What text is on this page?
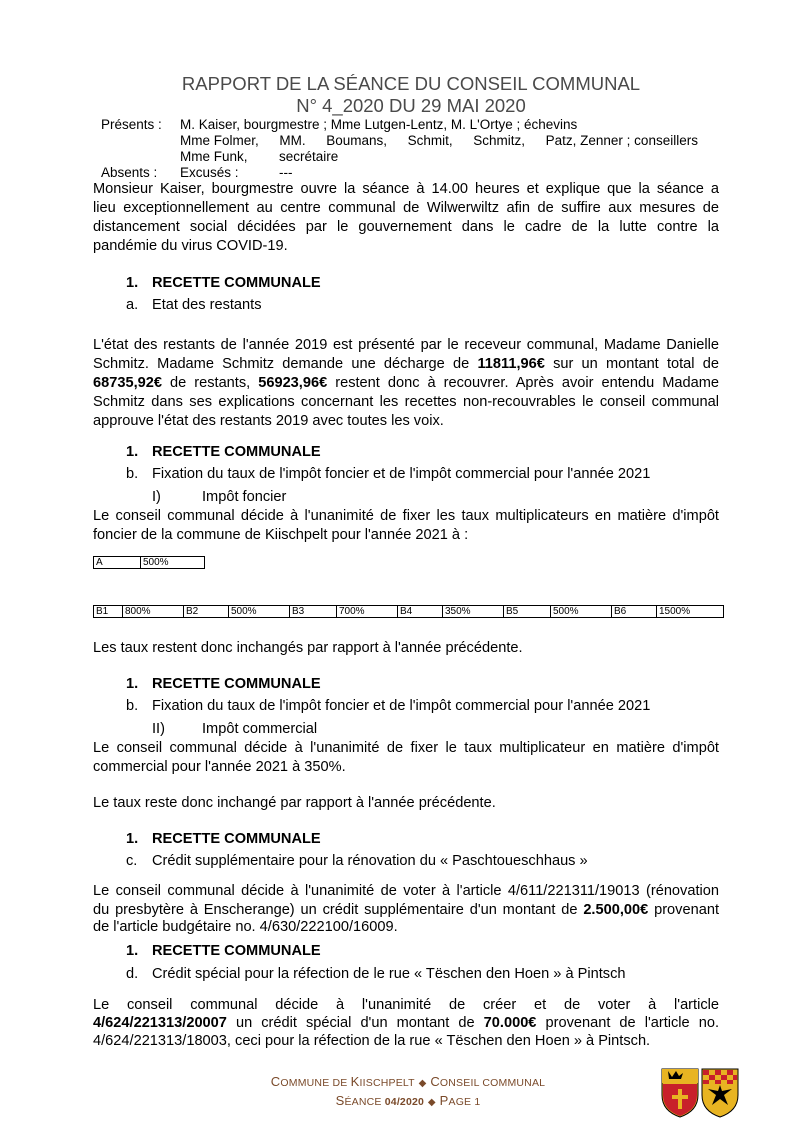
RAPPORT DE LA SÉANCE DU CONSEIL COMMUNAL
N° 4_2020 DU 29 MAI 2020
Présents : M. Kaiser, bourgmestre ; Mme Lutgen-Lentz, M. L'Ortye ; échevins
Mme Folmer, MM. Boumans, Schmit, Schmitz, Patz, Zenner ; conseillers
Mme Funk, secrétaire
Absents : Excusés :	---
Monsieur Kaiser, bourgmestre ouvre la séance à 14.00 heures et explique que la séance a
lieu exceptionnellement au centre communal de Wilwerwiltz afin de suffire aux mesures de
distancement social décidées par le gouvernement dans le cadre de la lutte contre la
pandémie du virus COVID-19.
1. RECETTE COMMUNALE
a. Etat des restants
L'état des restants de l'année 2019 est présenté par le receveur communal, Madame Danielle
Schmitz. Madame Schmitz demande une décharge de 11811,96€ sur un montant total de
68735,92€ de restants, 56923,96€ restent donc à recouvrer. Après avoir entendu Madame
Schmitz dans ses explications concernant les recettes non-recouvrables le conseil communal
approuve l'état des restants 2019 avec toutes les voix.
1. RECETTE COMMUNALE
b. Fixation du taux de l'impôt foncier et de l'impôt commercial pour l'année 2021
I)	Impôt foncier
Le conseil communal décide à l'unanimité de fixer les taux multiplicateurs en matière d'impôt
foncier de la commune de Kiischpelt pour l'année 2021 à :
A	500%
B1	800%	B2	500%	B3	700%	B4	350%	B5	500%	B6	1500%
Les taux restent donc inchangés par rapport à l'année précédente.
1. RECETTE COMMUNALE
b. Fixation du taux de l'impôt foncier et de l'impôt commercial pour l'année 2021
II)	Impôt commercial
Le conseil communal décide à l'unanimité de fixer le taux multiplicateur en matière d'impôt
commercial pour l'année 2021 à 350%.
Le taux reste donc inchangé par rapport à l'année précédente.
1. RECETTE COMMUNALE
c. Crédit supplémentaire pour la rénovation du « Paschtoueschhaus »
Le conseil communal décide à l'unanimité de voter à l'article 4/611/221311/19013 (rénovation
du presbytère à Enscherange) un crédit supplémentaire d'un montant de 2.500,00€ provenant
de l'article budgétaire no. 4/630/222100/16009.
1. RECETTE COMMUNALE
d. Crédit spécial pour la réfection de le rue « Tëschen den Hoen » à Pintsch
Le conseil communal décide à l'unanimité de créer et de voter à l'article
4/624/221313/20007 un crédit spécial d'un montant de 70.000€ provenant de l'article no.
4/624/221313/18003, ceci pour la réfection de la rue « Tëschen den Hoen » à Pintsch.
COMMUNE DE KIISCHPELT ◆ CONSEIL COMMUNAL
SÉANCE 04/2020 ◆ PAGE 1
